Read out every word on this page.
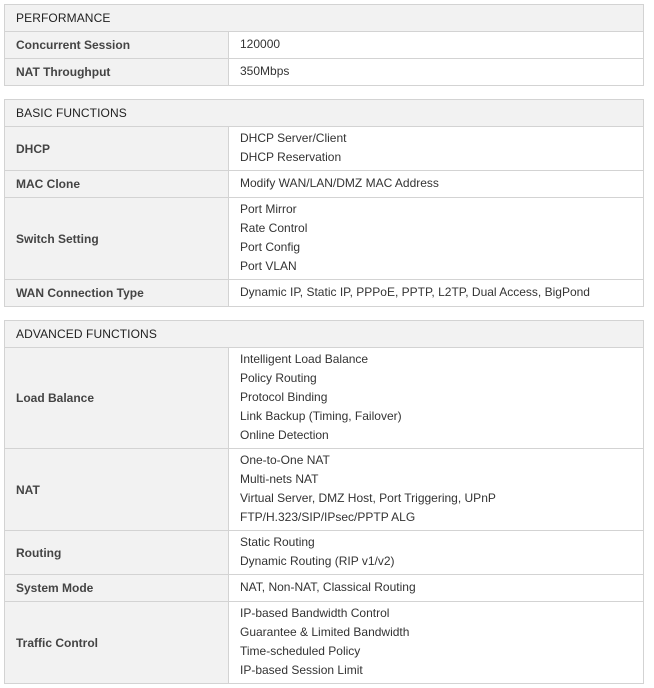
PERFORMANCE	
Concurrent Session	120000

NAT Throughput	350Mbps
BASIC FUNCTIONS	
DHCP	DHCP Server/Client
DHCP Reservation

MAC Clone	Modify WAN/LAN/DMZ MAC Address

Switch Setting	Port Mirror
Rate Control
Port Config
Port VLAN

WAN Connection Type	Dynamic IP, Static IP, PPPoE, PPTP, L2TP, Dual Access, BigPond
ADVANCED FUNCTIONS	
Load Balance	Intelligent Load Balance
Policy Routing
Protocol Binding
Link Backup (Timing, Failover)
Online Detection

NAT	One-to-One NAT
Multi-nets NAT
Virtual Server, DMZ Host, Port Triggering, UPnP
FTP/H.323/SIP/IPsec/PPTP ALG

Routing	Static Routing
Dynamic Routing (RIP v1/v2)

System Mode	NAT, Non-NAT, Classical Routing

Traffic Control	IP-based Bandwidth Control
Guarantee & Limited Bandwidth
Time-scheduled Policy
IP-based Session Limit
